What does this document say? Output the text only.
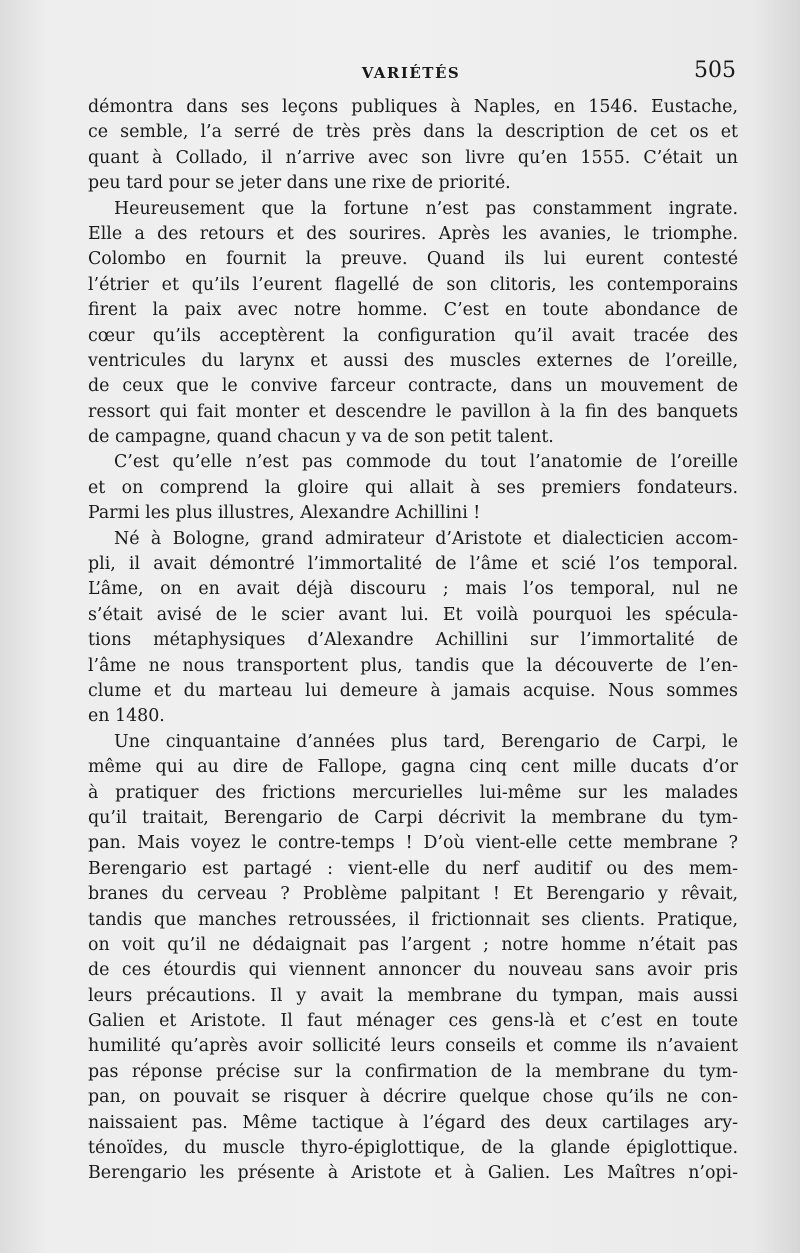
VARIÉTÉS	505
démontra dans ses leçons publiques à Naples, en 1546. Eustache,
ce semble, l’a serré de très près dans la description de cet os et
quant à Collado, il n’arrive avec son livre qu’en 1555. C’était un
peu tard pour se jeter dans une rixe de priorité.
Heureusement que la fortune n’est pas constamment ingrate.
Elle a des retours et des sourires. Après les avanies, le triomphe.
Colombo en fournit la preuve. Quand ils lui eurent contesté
l’étrier et qu’ils l’eurent flagellé de son clitoris, les contemporains
firent la paix avec notre homme. C’est en toute abondance de
cœur qu’ils acceptèrent la configuration qu’il avait tracée des
ventricules du larynx et aussi des muscles externes de l’oreille,
de ceux que le convive farceur contracte, dans un mouvement de
ressort qui fait monter et descendre le pavillon à la fin des banquets
de campagne, quand chacun y va de son petit talent.
C’est qu’elle n’est pas commode du tout l’anatomie de l’oreille
et on comprend la gloire qui allait à ses premiers fondateurs.
Parmi les plus illustres, Alexandre Achillini !
Né à Bologne, grand admirateur d’Aristote et dialecticien accom-
pli, il avait démontré l’immortalité de l’âme et scié l’os temporal.
L’âme, on en avait déjà discouru ; mais l’os temporal, nul ne
s’était avisé de le scier avant lui. Et voilà pourquoi les spécula-
tions métaphysiques d’Alexandre Achillini sur l’immortalité de
l’âme ne nous transportent plus, tandis que la découverte de l’en-
clume et du marteau lui demeure à jamais acquise. Nous sommes
en 1480.
Une cinquantaine d’années plus tard, Berengario de Carpi, le
même qui au dire de Fallope, gagna cinq cent mille ducats d’or
à pratiquer des frictions mercurielles lui-même sur les malades
qu’il traitait, Berengario de Carpi décrivit la membrane du tym-
pan. Mais voyez le contre-temps ! D’où vient-elle cette membrane ?
Berengario est partagé : vient-elle du nerf auditif ou des mem-
branes du cerveau ? Problème palpitant ! Et Berengario y rêvait,
tandis que manches retroussées, il frictionnait ses clients. Pratique,
on voit qu’il ne dédaignait pas l’argent ; notre homme n’était pas
de ces étourdis qui viennent annoncer du nouveau sans avoir pris
leurs précautions. Il y avait la membrane du tympan, mais aussi
Galien et Aristote. Il faut ménager ces gens-là et c’est en toute
humilité qu’après avoir sollicité leurs conseils et comme ils n’avaient
pas réponse précise sur la confirmation de la membrane du tym-
pan, on pouvait se risquer à décrire quelque chose qu’ils ne con-
naissaient pas. Même tactique à l’égard des deux cartilages ary-
ténoïdes, du muscle thyro-épiglottique, de la glande épiglottique.
Berengario les présente à Aristote et à Galien. Les Maîtres n’opi-
